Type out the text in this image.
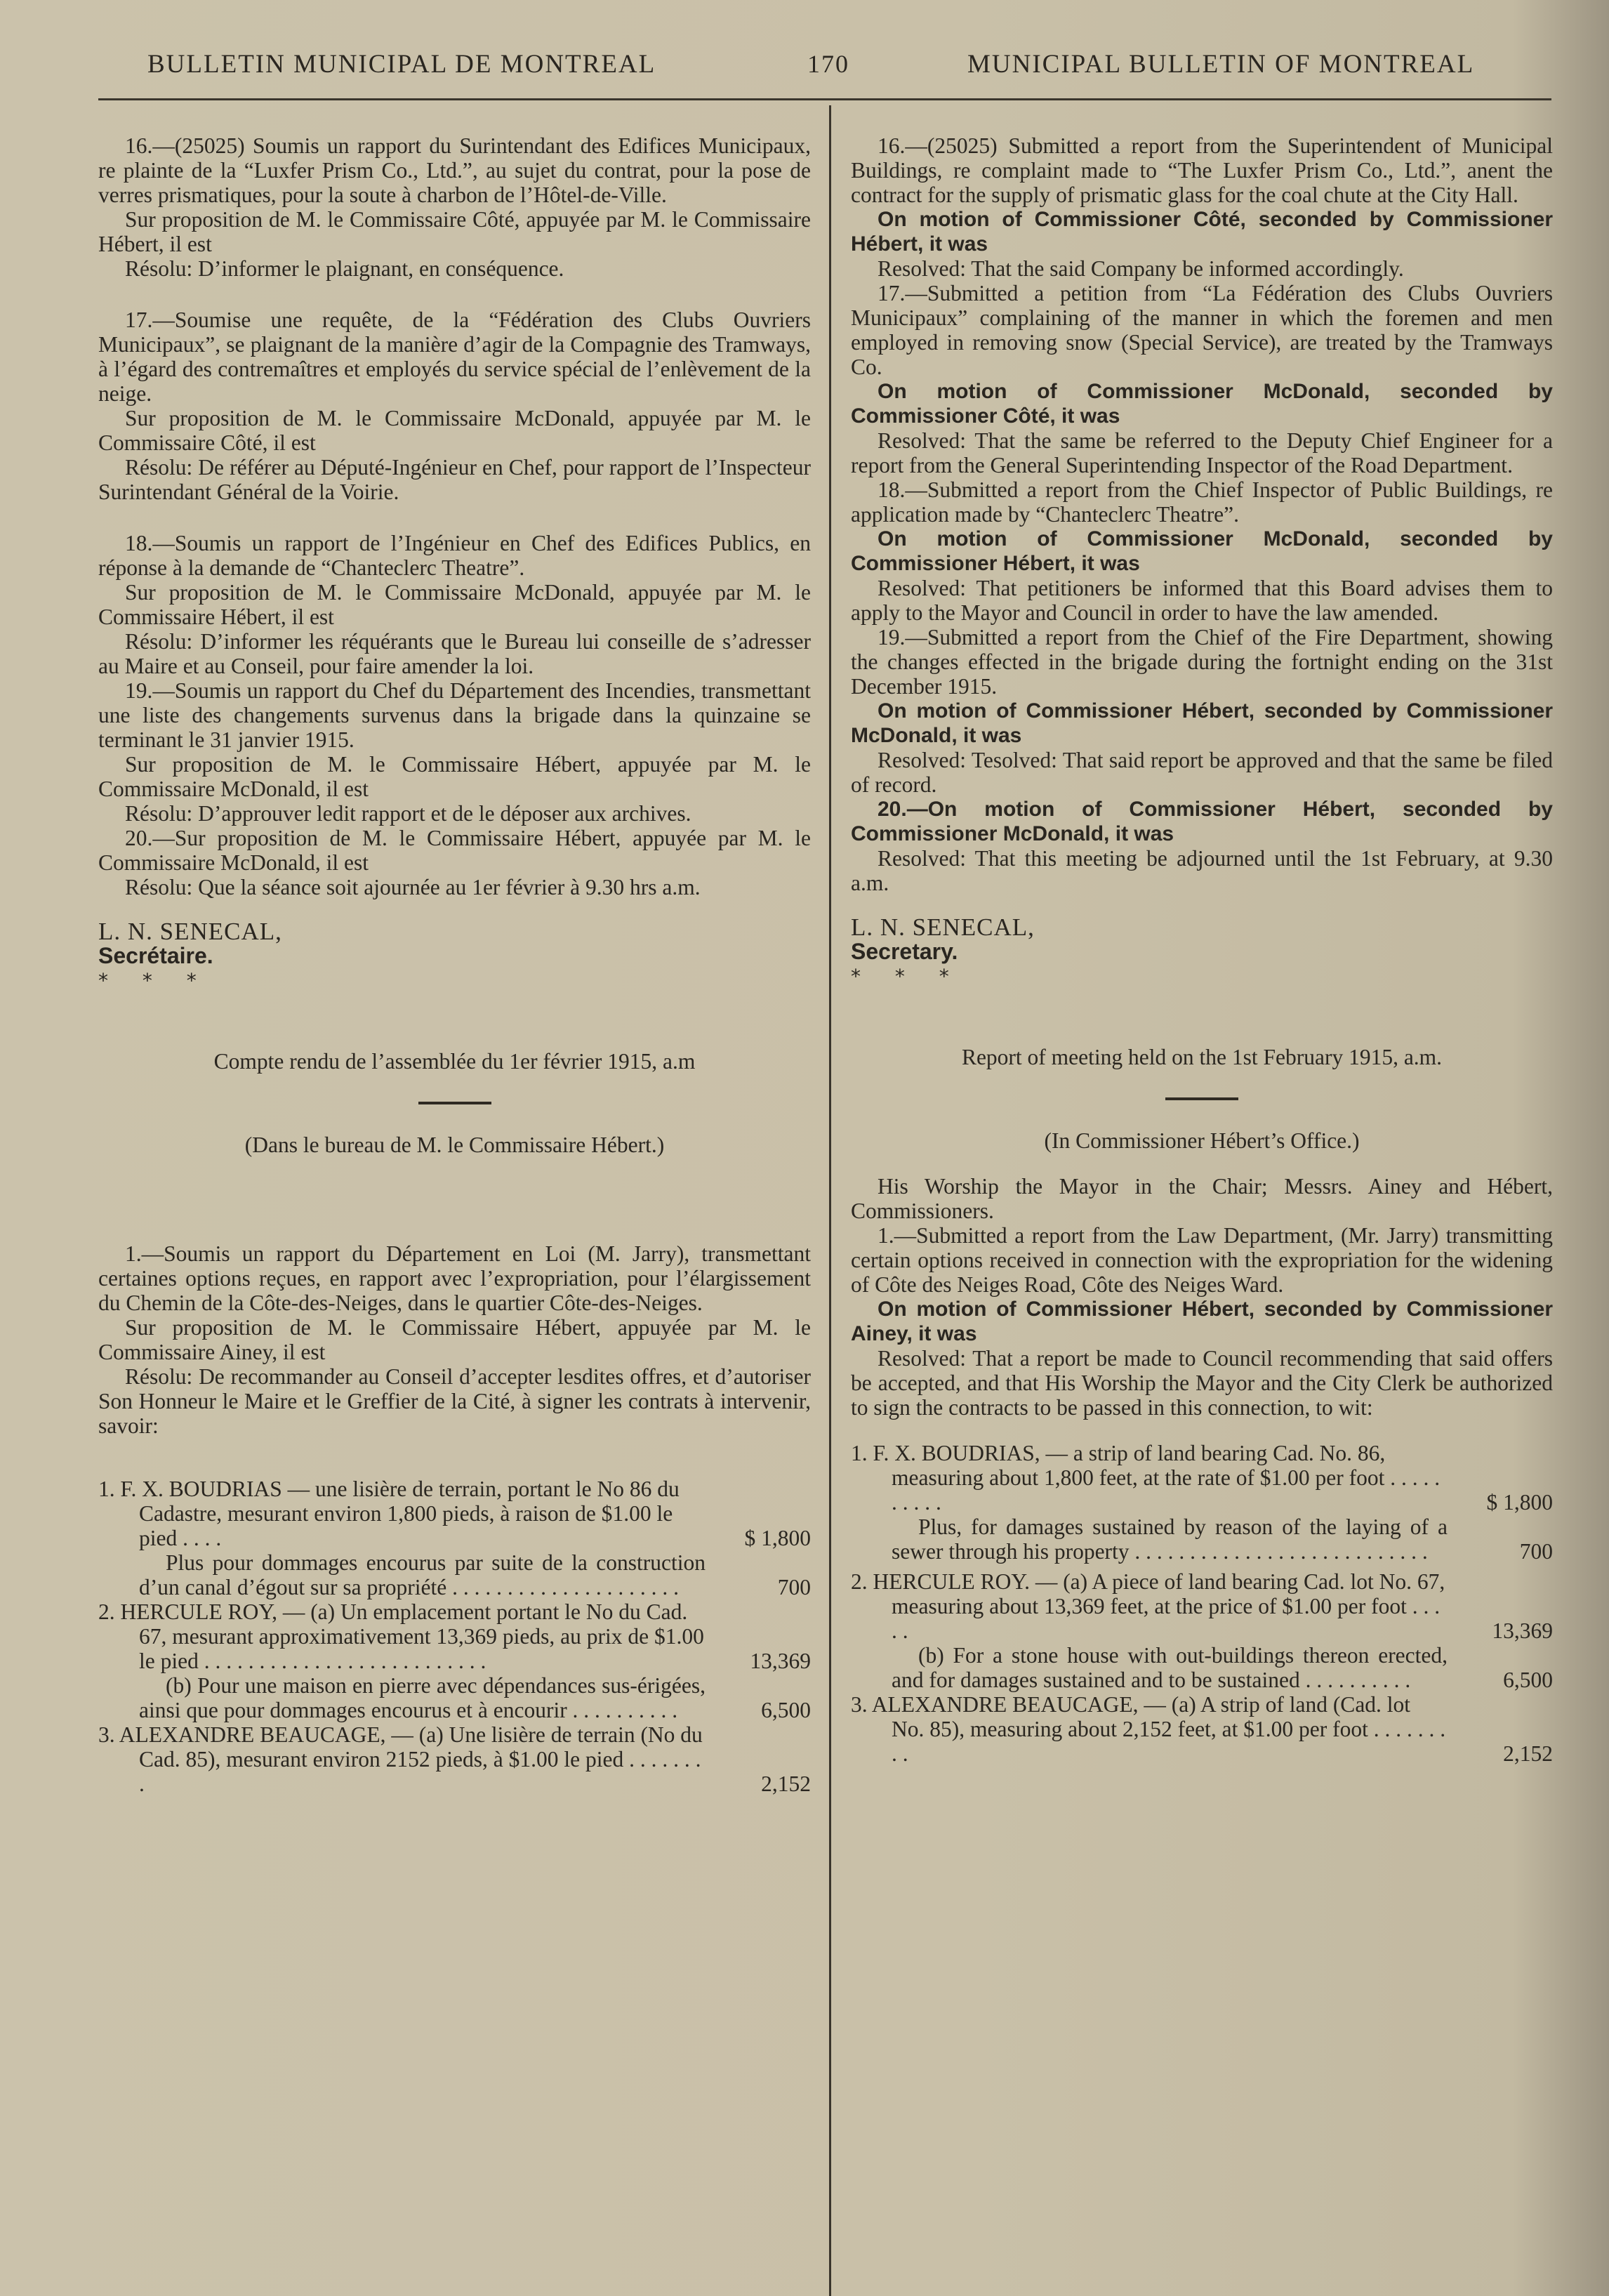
BULLETIN MUNICIPAL DE MONTREAL	170	MUNICIPAL BULLETIN OF MONTREAL

16.—(25025) Soumis un rapport du Surintendant des Edifices Municipaux, re plainte de la “Luxfer Prism Co., Ltd.”, au sujet du contrat, pour la pose de verres prismatiques, pour la soute à charbon de l’Hôtel-de-Ville.

Sur proposition de M. le Commissaire Côté, appuyée par M. le Commissaire Hébert, il est

Résolu: D’informer le plaignant, en conséquence.

17.—Soumise une requête, de la “Fédération des Clubs Ouvriers Municipaux”, se plaignant de la manière d’agir de la Compagnie des Tramways, à l’égard des contremaîtres et employés du service spécial de l’enlèvement de la neige.

Sur proposition de M. le Commissaire McDonald, appuyée par M. le Commissaire Côté, il est

Résolu: De référer au Député-Ingénieur en Chef, pour rapport de l’Inspecteur Surintendant Général de la Voirie.

18.—Soumis un rapport de l’Ingénieur en Chef des Edifices Publics, en réponse à la demande de “Chanteclerc Theatre”.

Sur proposition de M. le Commissaire McDonald, appuyée par M. le Commissaire Hébert, il est

Résolu: D’informer les réquérants que le Bureau lui conseille de s’adresser au Maire et au Conseil, pour faire amender la loi.

19.—Soumis un rapport du Chef du Département des Incendies, transmettant une liste des changements survenus dans la brigade dans la quinzaine se terminant le 31 janvier 1915.

Sur proposition de M. le Commissaire Hébert, appuyée par M. le Commissaire McDonald, il est

Résolu: D’approuver ledit rapport et de le déposer aux archives.

20.—Sur proposition de M. le Commissaire Hébert, appuyée par M. le Commissaire McDonald, il est

Résolu: Que la séance soit ajournée au 1er février à 9.30 hrs a.m.

L. N. SENECAL,

Secrétaire.

* * *

Compte rendu de l’assemblée du 1er février 1915, a.m

(Dans le bureau de M. le Commissaire Hébert.)

1.—Soumis un rapport du Département en Loi (M. Jarry), transmettant certaines options reçues, en rapport avec l’expropriation, pour l’élargissement du Chemin de la Côte-des-Neiges, dans le quartier Côte-des-Neiges.

Sur proposition de M. le Commissaire Hébert, appuyée par M. le Commissaire Ainey, il est

Résolu: De recommander au Conseil d’accepter lesdites offres, et d’autoriser Son Honneur le Maire et le Greffier de la Cité, à signer les contrats à intervenir, savoir:

1. F. X. BOUDRIAS — une lisière de terrain, portant le No 86 du Cadastre, mesurant environ 1,800 pieds, à raison de $1.00 le pied . . . .	$ 1,800

Plus pour dommages encourus par suite de la construction d’un canal d’égout sur sa propriété . . . . . . . . . . . . . . . . . . . . .	700

2. HERCULE ROY, — (a) Un emplacement portant le No du Cad. 67, mesurant approximativement 13,369 pieds, au prix de $1.00 le pied . . . . . . . . . . . . . . . . . . . . . . . . . .	13,369

(b) Pour une maison en pierre avec dépendances sus-érigées, ainsi que pour dommages encourus et à encourir . . . . . . . . . .	6,500

3. ALEXANDRE BEAUCAGE, — (a) Une lisière de terrain (No du Cad. 85), mesurant environ 2152 pieds, à $1.00 le pied . . . . . . . .	2,152

16.—(25025) Submitted a report from the Superintendent of Municipal Buildings, re complaint made to “The Luxfer Prism Co., Ltd.”, anent the contract for the supply of prismatic glass for the coal chute at the City Hall.

On motion of Commissioner Côté, seconded by Commissioner Hébert, it was

Resolved: That the said Company be informed accordingly.

17.—Submitted a petition from “La Fédération des Clubs Ouvriers Municipaux” complaining of the manner in which the foremen and men employed in removing snow (Special Service), are treated by the Tramways Co.

On motion of Commissioner McDonald, seconded by Commissioner Côté, it was

Resolved: That the same be referred to the Deputy Chief Engineer for a report from the General Superintending Inspector of the Road Department.

18.—Submitted a report from the Chief Inspector of Public Buildings, re application made by “Chanteclerc Theatre”.

On motion of Commissioner McDonald, seconded by Commissioner Hébert, it was

Resolved: That petitioners be informed that this Board advises them to apply to the Mayor and Council in order to have the law amended.

19.—Submitted a report from the Chief of the Fire Department, showing the changes effected in the brigade during the fortnight ending on the 31st December 1915.

On motion of Commissioner Hébert, seconded by Commissioner McDonald, it was

Resolved: Tesolved: That said report be approved and that the same be filed of record.

20.—On motion of Commissioner Hébert, seconded by Commissioner McDonald, it was

Resolved: That this meeting be adjourned until the 1st February, at 9.30 a.m.

L. N. SENECAL,

Secretary.

* * *

Report of meeting held on the 1st February 1915, a.m.

(In Commissioner Hébert’s Office.)

His Worship the Mayor in the Chair; Messrs. Ainey and Hébert, Commissioners.

1.—Submitted a report from the Law Department, (Mr. Jarry) transmitting certain options received in connection with the expropriation for the widening of Côte des Neiges Road, Côte des Neiges Ward.

On motion of Commissioner Hébert, seconded by Commissioner Ainey, it was

Resolved: That a report be made to Council recommending that said offers be accepted, and that His Worship the Mayor and the City Clerk be authorized to sign the contracts to be passed in this connection, to wit:

1. F. X. BOUDRIAS, — a strip of land bearing Cad. No. 86, measuring about 1,800 feet, at the rate of $1.00 per foot . . . . . . . . . .	$ 1,800

Plus, for damages sustained by reason of the laying of a sewer through his property . . . . . . . . . . . . . . . . . . . . . . . . . . .	700

2. HERCULE ROY. — (a) A piece of land bearing Cad. lot No. 67, measuring about 13,369 feet, at the price of $1.00 per foot . . . . .	13,369

(b) For a stone house with out-buildings thereon erected, and for damages sustained and to be sustained . . . . . . . . . .	6,500

3. ALEXANDRE BEAUCAGE, — (a) A strip of land (Cad. lot No. 85), measuring about 2,152 feet, at $1.00 per foot . . . . . . . . .	2,152
